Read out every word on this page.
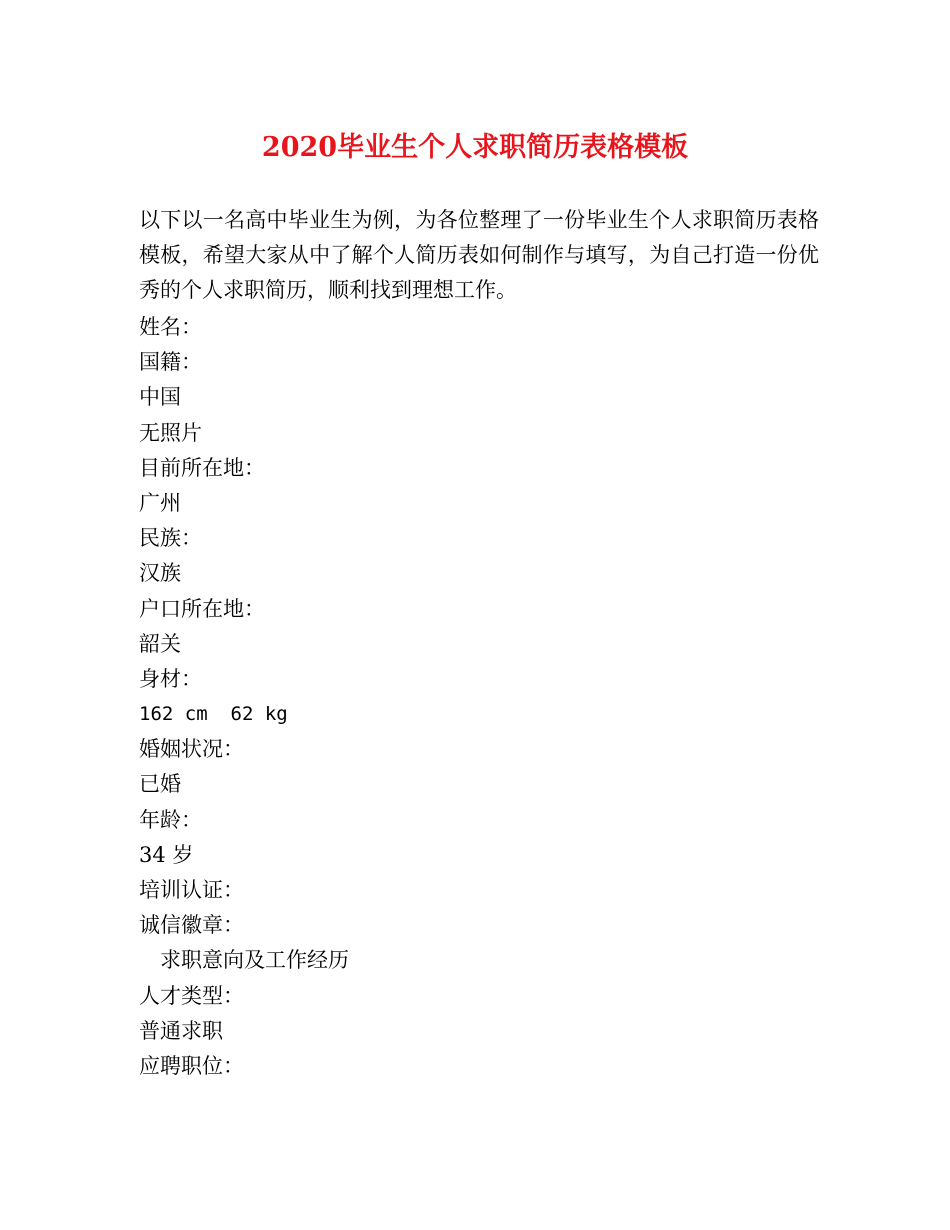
2020毕业生个人求职简历表格模板

以下以一名高中毕业生为例，为各位整理了一份毕业生个人求职简历表格模板，希望大家从中了解个人简历表如何制作与填写，为自己打造一份优秀的个人求职简历，顺利找到理想工作。

姓名：
国籍：
中国
无照片
目前所在地：
广州
民族：
汉族
户口所在地：
韶关
身材：
162 cm  62 kg
婚姻状况：
已婚
年龄：
34 岁
培训认证：
诚信徽章：
求职意向及工作经历
人才类型：
普通求职
应聘职位：
